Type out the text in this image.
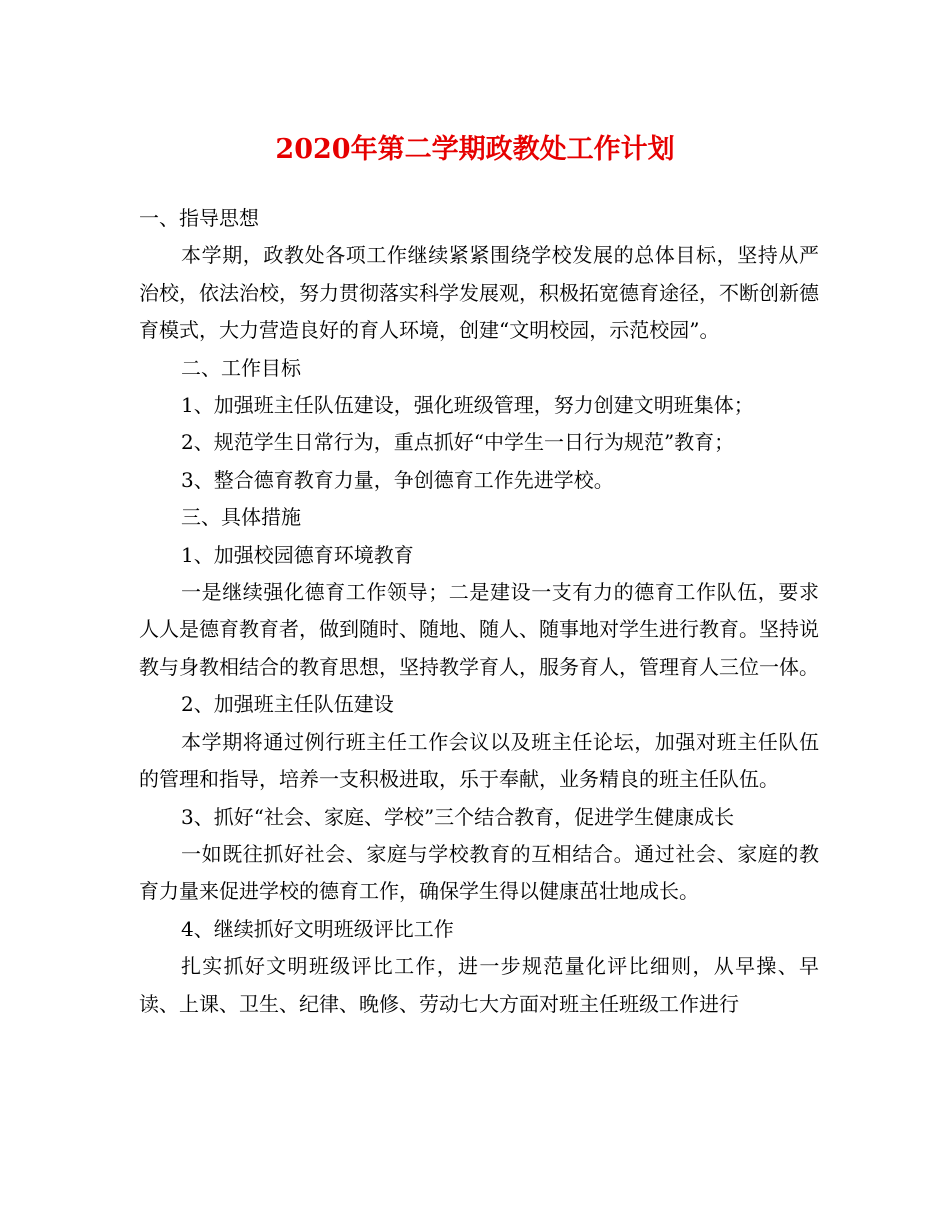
2020年第二学期政教处工作计划

一、指导思想

本学期，政教处各项工作继续紧紧围绕学校发展的总体目标，坚持从严治校，依法治校，努力贯彻落实科学发展观，积极拓宽德育途径，不断创新德育模式，大力营造良好的育人环境，创建“文明校园，示范校园”。

二、工作目标

1、加强班主任队伍建设，强化班级管理，努力创建文明班集体；

2、规范学生日常行为，重点抓好“中学生一日行为规范”教育；

3、整合德育教育力量，争创德育工作先进学校。

三、具体措施

1、加强校园德育环境教育

一是继续强化德育工作领导；二是建设一支有力的德育工作队伍，要求人人是德育教育者，做到随时、随地、随人、随事地对学生进行教育。坚持说教与身教相结合的教育思想，坚持教学育人，服务育人，管理育人三位一体。

2、加强班主任队伍建设

本学期将通过例行班主任工作会议以及班主任论坛，加强对班主任队伍的管理和指导，培养一支积极进取，乐于奉献，业务精良的班主任队伍。

3、抓好“社会、家庭、学校”三个结合教育，促进学生健康成长

一如既往抓好社会、家庭与学校教育的互相结合。通过社会、家庭的教育力量来促进学校的德育工作，确保学生得以健康茁壮地成长。

4、继续抓好文明班级评比工作

扎实抓好文明班级评比工作，进一步规范量化评比细则，从早操、早读、上课、卫生、纪律、晚修、劳动七大方面对班主任班级工作进行
